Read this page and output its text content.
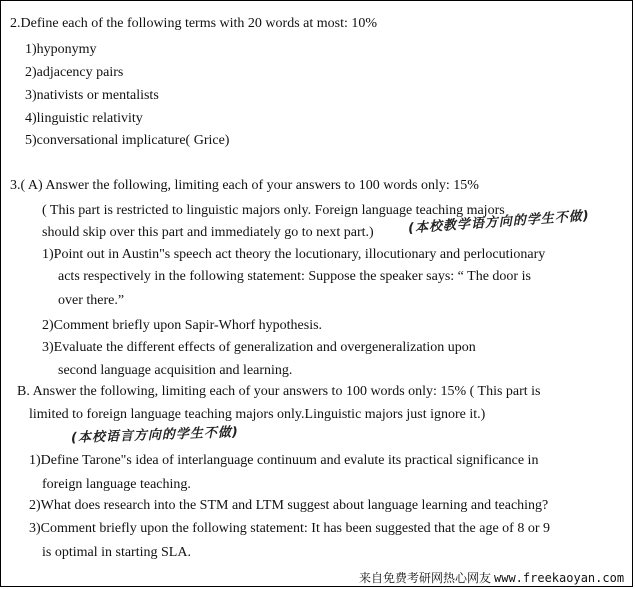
2.Define each of the following terms with 20 words at most: 10%
1)hyponymy
2)adjacency pairs
3)nativists or mentalists
4)linguistic relativity
5)conversational implicature( Grice)
3.( A) Answer the following, limiting each of your answers to 100 words only: 15%
( This part is restricted to linguistic majors only. Foreign language teaching majors
should skip over this part and immediately go to next part.)	(本校教学语方向的学生不做)
1)Point out in Austin"s speech act theory the locutionary, illocutionary and perlocutionary
acts respectively in the following statement: Suppose the speaker says: “ The door is
over there.”
2)Comment briefly upon Sapir-Whorf hypothesis.
3)Evaluate the different effects of generalization and overgeneralization upon
second language acquisition and learning.
B. Answer the following, limiting each of your answers to 100 words only: 15% ( This part is
limited to foreign language teaching majors only.Linguistic majors just ignore it.)
(本校语言方向的学生不做)
1)Define Tarone"s idea of interlanguage continuum and evalute its practical significance in
foreign language teaching.
2)What does research into the STM and LTM suggest about language learning and teaching?
3)Comment briefly upon the following statement: It has been suggested that the age of 8 or 9
is optimal in starting SLA.
来自免费考研网热心网友 www.freekaoyan.com
